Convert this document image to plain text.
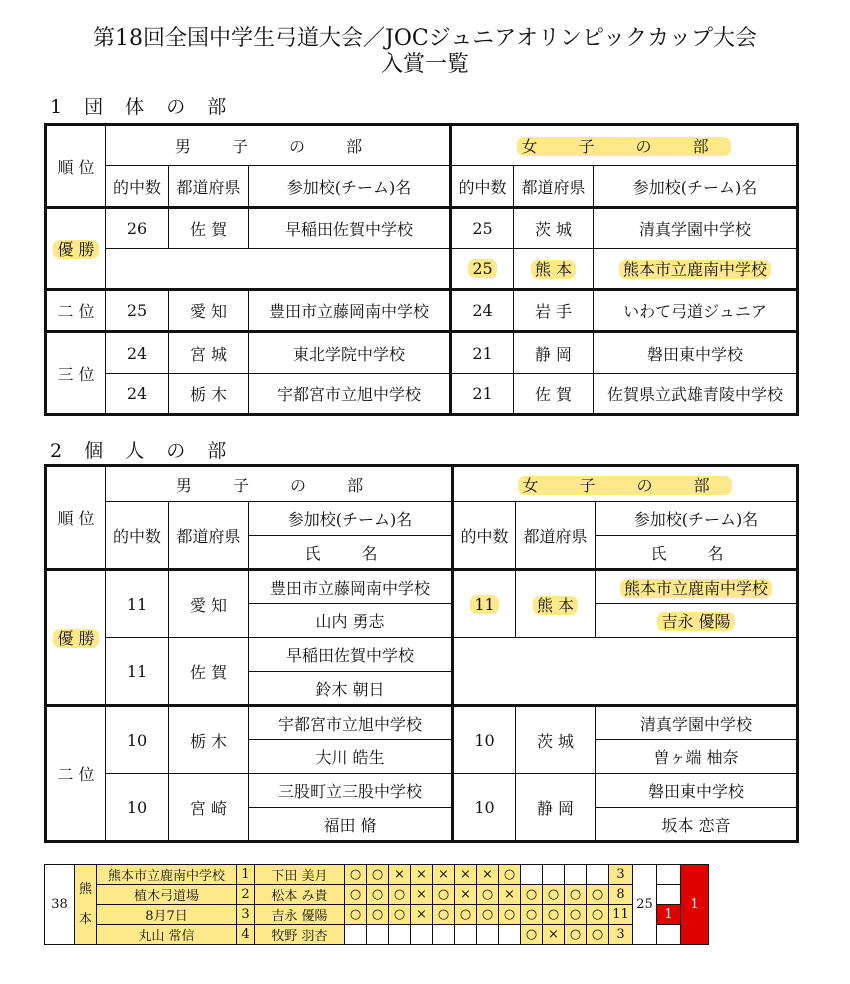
第18回全国中学生弓道大会／JOCジュニアオリンピックカップ大会
入賞一覧
1 団 体 の 部
順 位	男 子 の 部			女 子 の 部		
	的中数	都道府県	参加校(チーム)名	的中数	都道府県	参加校(チーム)名
優 勝	26	佐 賀	早稲田佐賀中学校	25	茨 城	清真学園中学校
				25	熊 本	熊本市立鹿南中学校
二 位	25	愛 知	豊田市立藤岡南中学校	24	岩 手	いわて弓道ジュニア
三 位	24	宮 城	東北学院中学校	21	静 岡	磐田東中学校
	24	栃 木	宇都宮市立旭中学校	21	佐 賀	佐賀県立武雄青陵中学校
2 個 人 の 部
順 位	男 子 の 部			女 子 の 部		
	的中数	都道府県	参加校(チーム)名	的中数	都道府県	参加校(チーム)名
			氏 名			氏 名
優 勝	11	愛 知	豊田市立藤岡南中学校	11	熊 本	熊本市立鹿南中学校
			山内 勇志			吉永 優陽
	11	佐 賀	早稲田佐賀中学校			
			鈴木 朝日			
二 位	10	栃 木	宇都宮市立旭中学校	10	茨 城	清真学園中学校
			大川 皓生			曽ヶ端 柚奈
	10	宮 崎	三股町立三股中学校	10	静 岡	磐田東中学校
			福田 脩			坂本 恋音
38	熊本	熊本市立鹿南中学校	1	下田 美月	○	○	×	×	×	×	×	○					3	25		1
		植木弓道場	2	松本 み貴	○	○	○	×	○	×	○	×	○	○	○	○	8			
		8月7日	3	吉永 優陽	○	○	○	×	○	○	○	○	○	○	○	○	11		1	
		丸山 常信	4	牧野 羽杏									○	×	○	○	3			
